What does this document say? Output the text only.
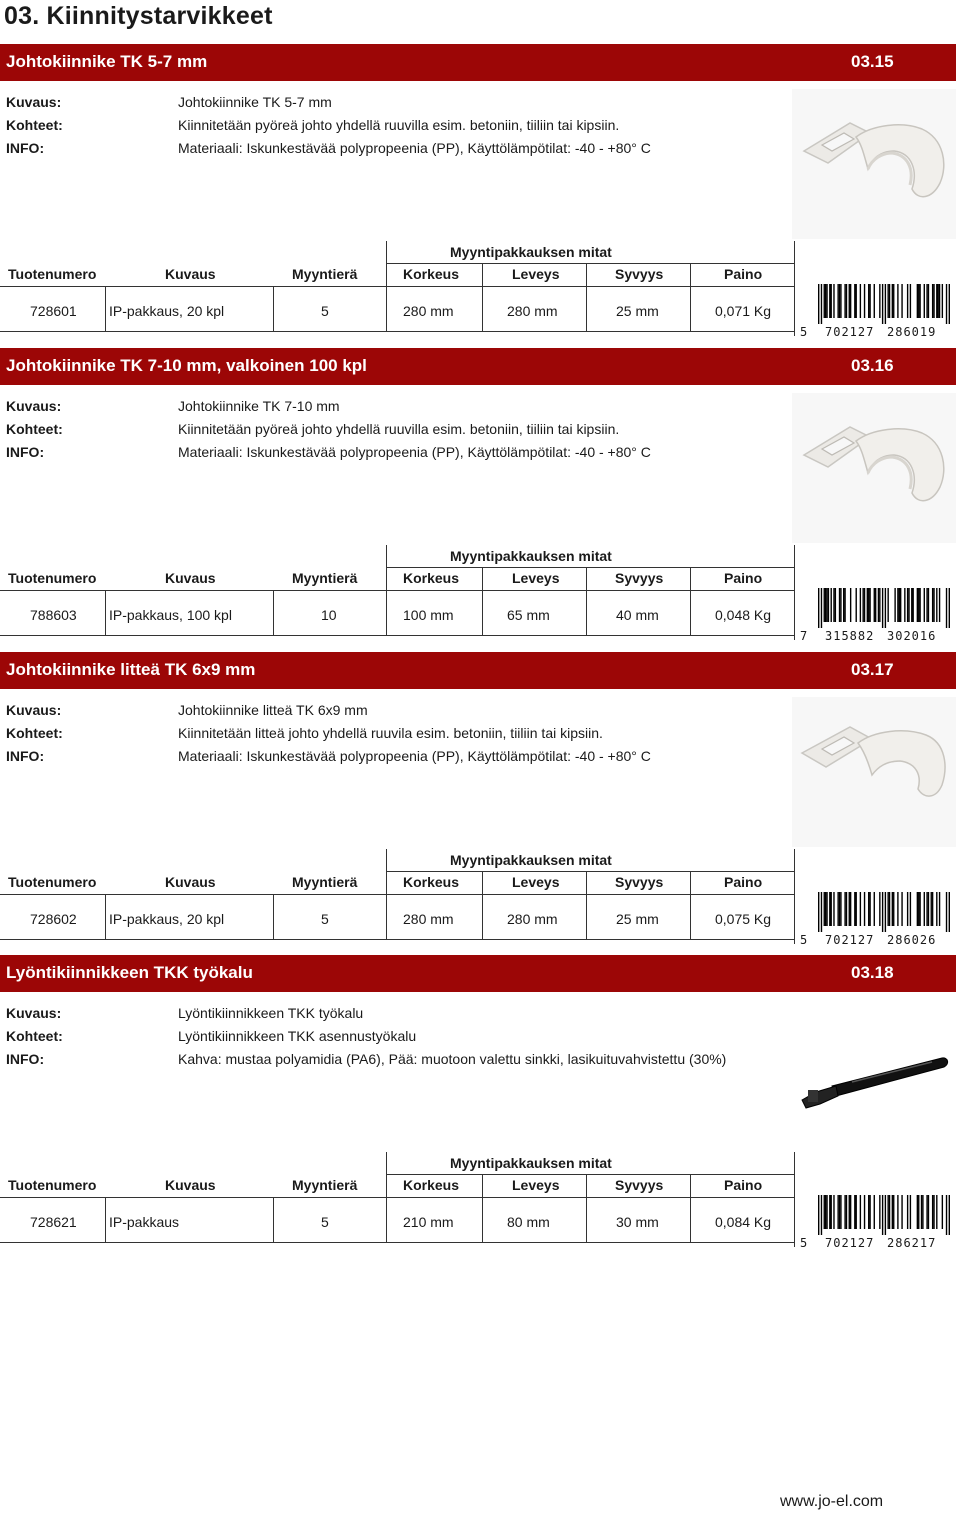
03. Kiinnitystarvikkeet
Johtokiinnike TK 5-7 mm	03.15
Kuvaus:	Johtokiinnike TK 5-7 mm
Kohteet:	Kiinnitetään pyöreä johto yhdellä ruuvilla esim. betoniin, tiiliin tai kipsiin.
INFO:	Materiaali: Iskunkestävää polypropeenia (PP), Käyttölämpötilat: -40 - +80° C
Myyntipakkauksen mitat
Tuotenumero	Kuvaus	Myyntierä	Korkeus	Leveys	Syvyys	Paino
728601 IP-pakkaus, 20 kpl	5	280 mm	280 mm	25 mm	0,071 Kg
5 702127 286019
Johtokiinnike TK 7-10 mm, valkoinen 100 kpl	03.16
Kuvaus:	Johtokiinnike TK 7-10 mm
Kohteet:	Kiinnitetään pyöreä johto yhdellä ruuvilla esim. betoniin, tiiliin tai kipsiin.
INFO:	Materiaali: Iskunkestävää polypropeenia (PP), Käyttölämpötilat: -40 - +80° C
Myyntipakkauksen mitat
Tuotenumero	Kuvaus	Myyntierä	Korkeus	Leveys	Syvyys	Paino
788603 IP-pakkaus, 100 kpl	10	100 mm	65 mm	40 mm	0,048 Kg
7 315882 302016
Johtokiinnike litteä TK 6x9 mm	03.17
Kuvaus:	Johtokiinnike litteä TK 6x9 mm
Kohteet:	Kiinnitetään litteä johto yhdellä ruuvila esim. betoniin, tiiliin tai kipsiin.
INFO:	Materiaali: Iskunkestävää polypropeenia (PP), Käyttölämpötilat: -40 - +80° C
Myyntipakkauksen mitat
Tuotenumero	Kuvaus	Myyntierä	Korkeus	Leveys	Syvyys	Paino
728602 IP-pakkaus, 20 kpl	5	280 mm	280 mm	25 mm	0,075 Kg
5 702127 286026
Lyöntikiinnikkeen TKK työkalu	03.18
Kuvaus:	Lyöntikiinnikkeen TKK työkalu
Kohteet:	Lyöntikiinnikkeen TKK asennustyökalu
INFO:	Kahva: mustaa polyamidia (PA6), Pää: muotoon valettu sinkki, lasikuituvahvistettu (30%)
Myyntipakkauksen mitat
Tuotenumero	Kuvaus	Myyntierä	Korkeus	Leveys	Syvyys	Paino
728621 IP-pakkaus	5	210 mm	80 mm	30 mm	0,084 Kg
5 702127 286217
www.jo-el.com
